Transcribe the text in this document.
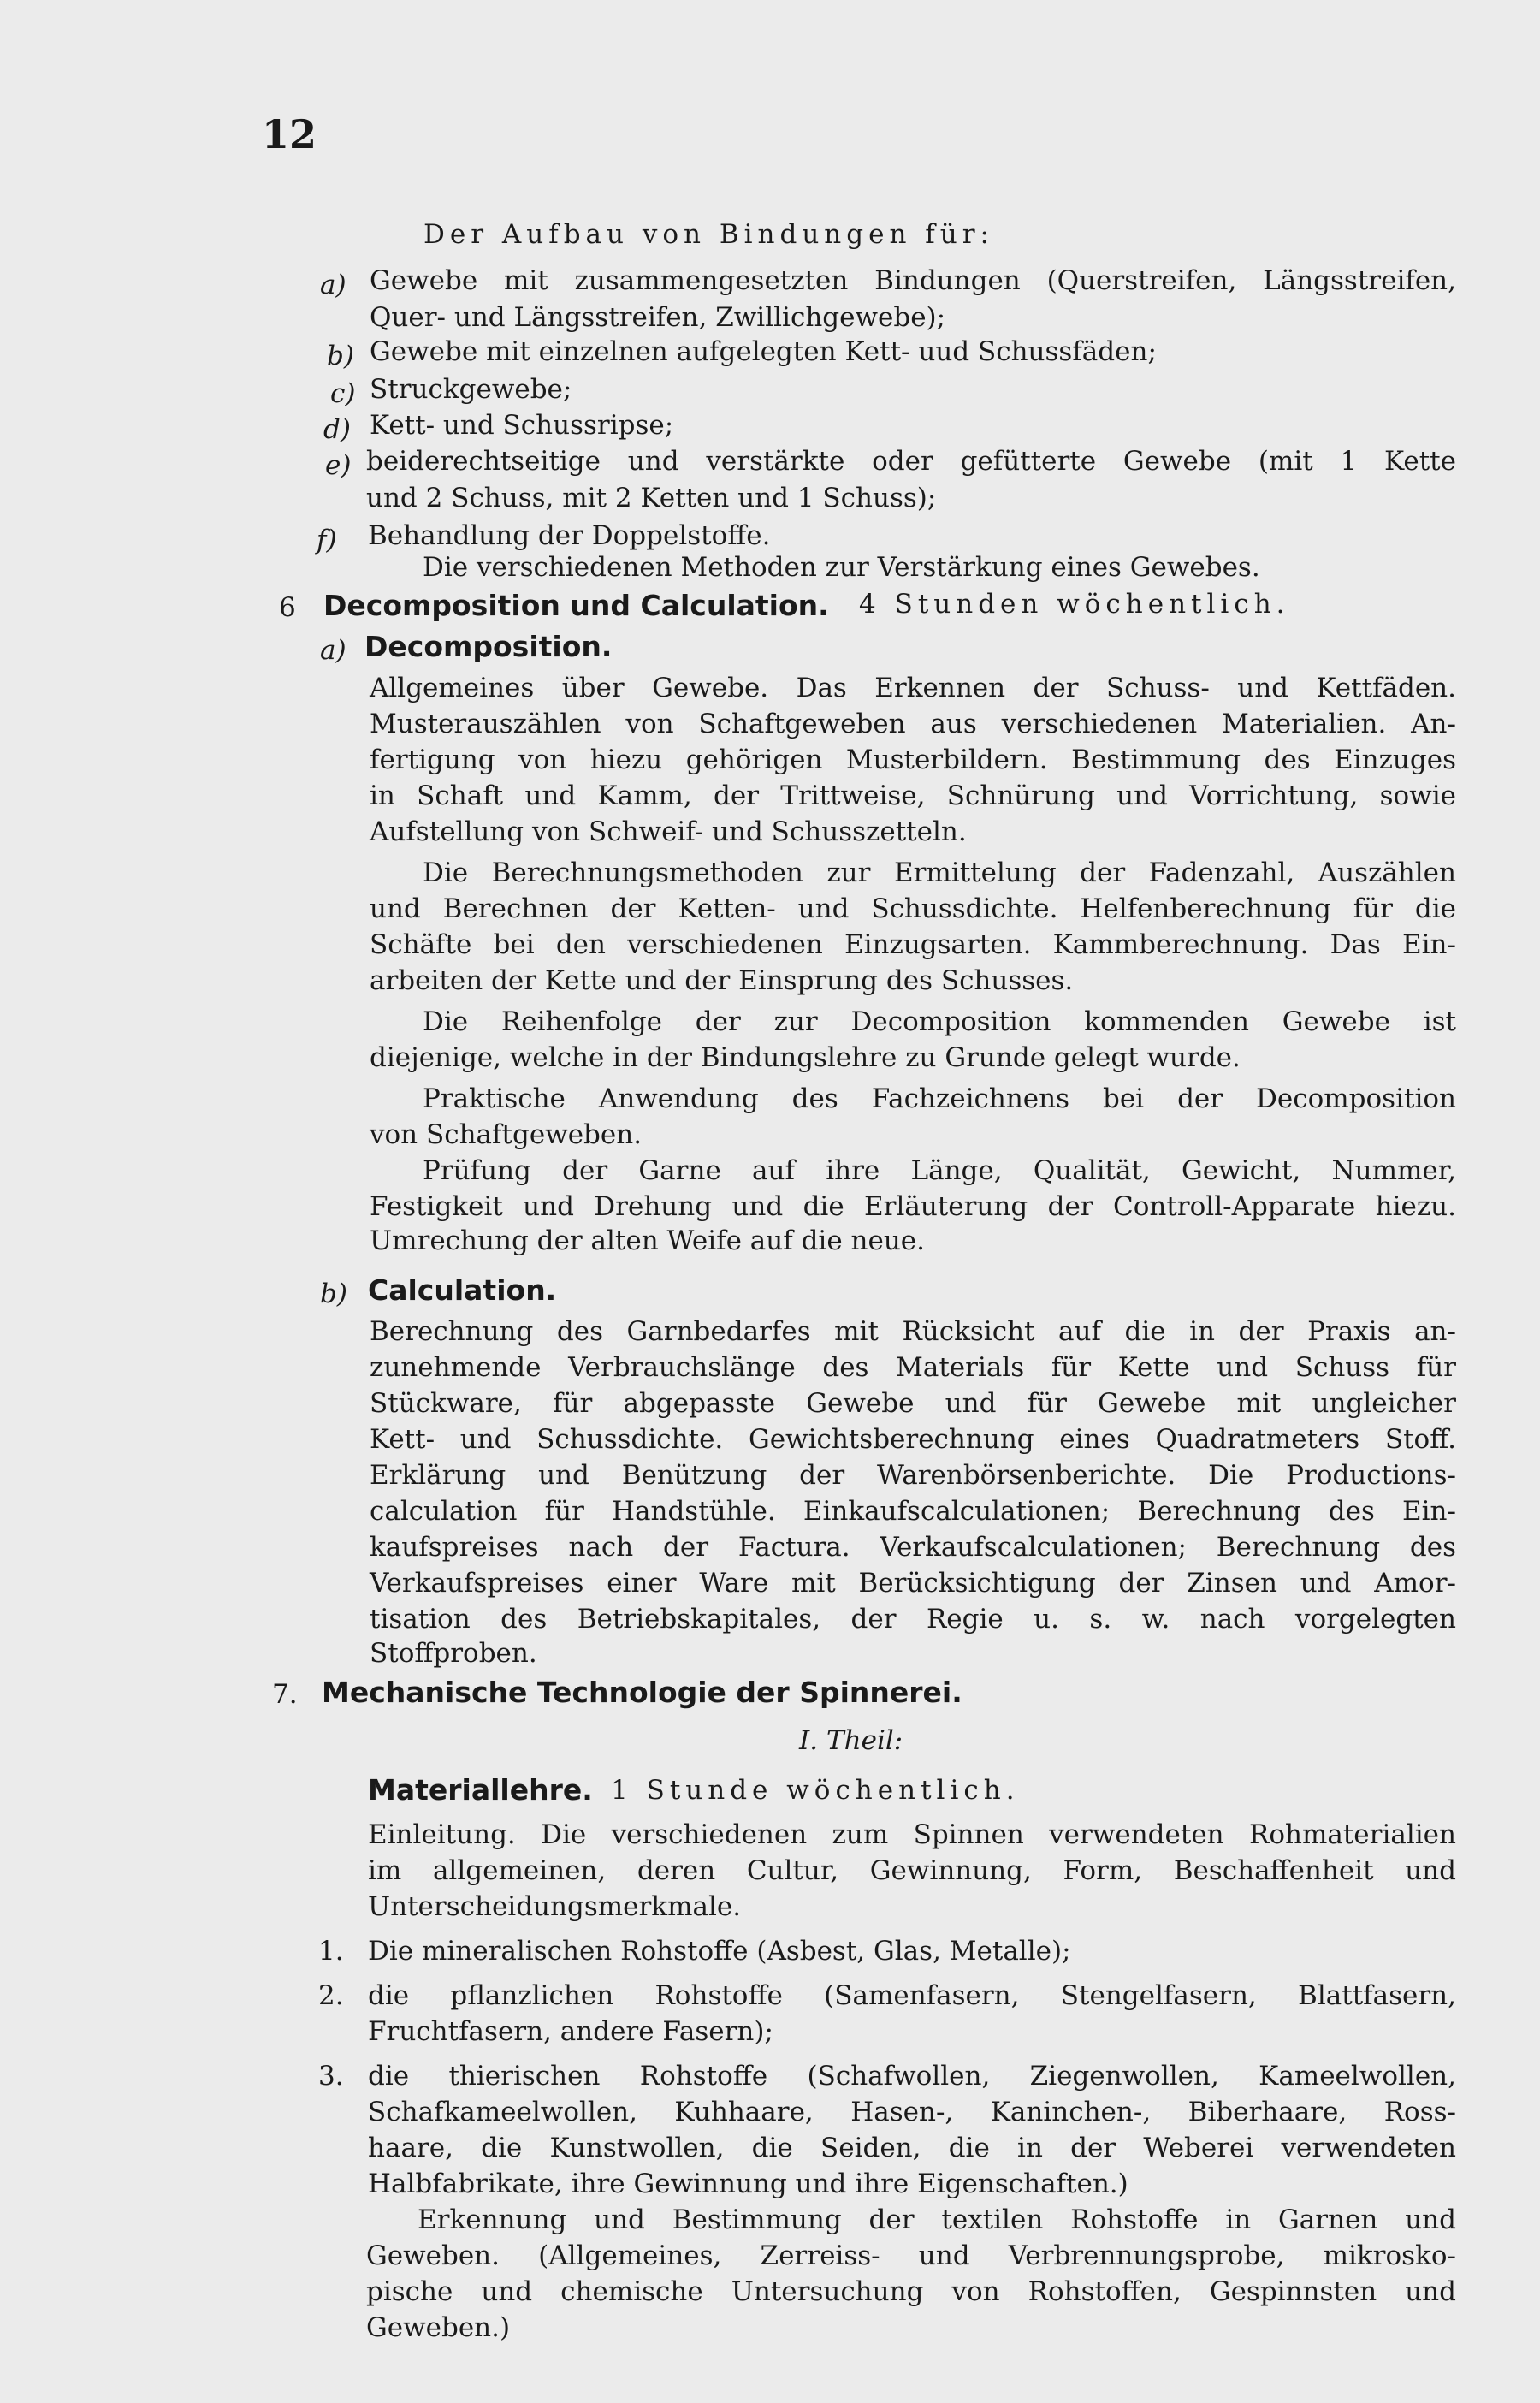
12
Der Aufbau von Bindungen für:
a) Gewebe mit zusammengesetzten Bindungen (Querstreifen, Längsstreifen,
Quer- und Längsstreifen, Zwillichgewebe);
b) Gewebe mit einzelnen aufgelegten Kett- uud Schussfäden;
c) Struckgewebe;
d) Kett- und Schussripse;
e) beiderechtseitige und verstärkte oder gefütterte Gewebe (mit 1 Kette
und 2 Schuss, mit 2 Ketten und 1 Schuss);
f) Behandlung der Doppelstoffe.
Die verschiedenen Methoden zur Verstärkung eines Gewebes.
6 Decomposition und Calculation. 4 Stunden wöchentlich.
a) Decomposition.
Allgemeines über Gewebe. Das Erkennen der Schuss- und Kettfäden.
Musterauszählen von Schaftgeweben aus verschiedenen Materialien. An-
fertigung von hiezu gehörigen Musterbildern. Bestimmung des Einzuges
in Schaft und Kamm, der Trittweise, Schnürung und Vorrichtung, sowie
Aufstellung von Schweif- und Schusszetteln.
Die Berechnungsmethoden zur Ermittelung der Fadenzahl, Auszählen
und Berechnen der Ketten- und Schussdichte. Helfenberechnung für die
Schäfte bei den verschiedenen Einzugsarten. Kammberechnung. Das Ein-
arbeiten der Kette und der Einsprung des Schusses.
Die Reihenfolge der zur Decomposition kommenden Gewebe ist
diejenige, welche in der Bindungslehre zu Grunde gelegt wurde.
Praktische Anwendung des Fachzeichnens bei der Decomposition
von Schaftgeweben.
Prüfung der Garne auf ihre Länge, Qualität, Gewicht, Nummer,
Festigkeit und Drehung und die Erläuterung der Controll-Apparate hiezu.
Umrechung der alten Weife auf die neue.
b) Calculation.
Berechnung des Garnbedarfes mit Rücksicht auf die in der Praxis an-
zunehmende Verbrauchslänge des Materials für Kette und Schuss für
Stückware, für abgepasste Gewebe und für Gewebe mit ungleicher
Kett- und Schussdichte. Gewichtsberechnung eines Quadratmeters Stoff.
Erklärung und Benützung der Warenbörsenberichte. Die Productions-
calculation für Handstühle. Einkaufscalculationen; Berechnung des Ein-
kaufspreises nach der Factura. Verkaufscalculationen; Berechnung des
Verkaufspreises einer Ware mit Berücksichtigung der Zinsen und Amor-
tisation des Betriebskapitales, der Regie u. s. w. nach vorgelegten
Stoffproben.
7. Mechanische Technologie der Spinnerei.
I. Theil:
Materiallehre. 1 Stunde wöchentlich.
Einleitung. Die verschiedenen zum Spinnen verwendeten Rohmaterialien
im allgemeinen, deren Cultur, Gewinnung, Form, Beschaffenheit und
Unterscheidungsmerkmale.
1. Die mineralischen Rohstoffe (Asbest, Glas, Metalle);
2. die pflanzlichen Rohstoffe (Samenfasern, Stengelfasern, Blattfasern,
Fruchtfasern, andere Fasern);
3. die thierischen Rohstoffe (Schafwollen, Ziegenwollen, Kameelwollen,
Schafkameelwollen, Kuhhaare, Hasen-, Kaninchen-, Biberhaare, Ross-
haare, die Kunstwollen, die Seiden, die in der Weberei verwendeten
Halbfabrikate, ihre Gewinnung und ihre Eigenschaften.)
Erkennung und Bestimmung der textilen Rohstoffe in Garnen und
Geweben. (Allgemeines, Zerreiss- und Verbrennungsprobe, mikrosko-
pische und chemische Untersuchung von Rohstoffen, Gespinnsten und
Geweben.)
